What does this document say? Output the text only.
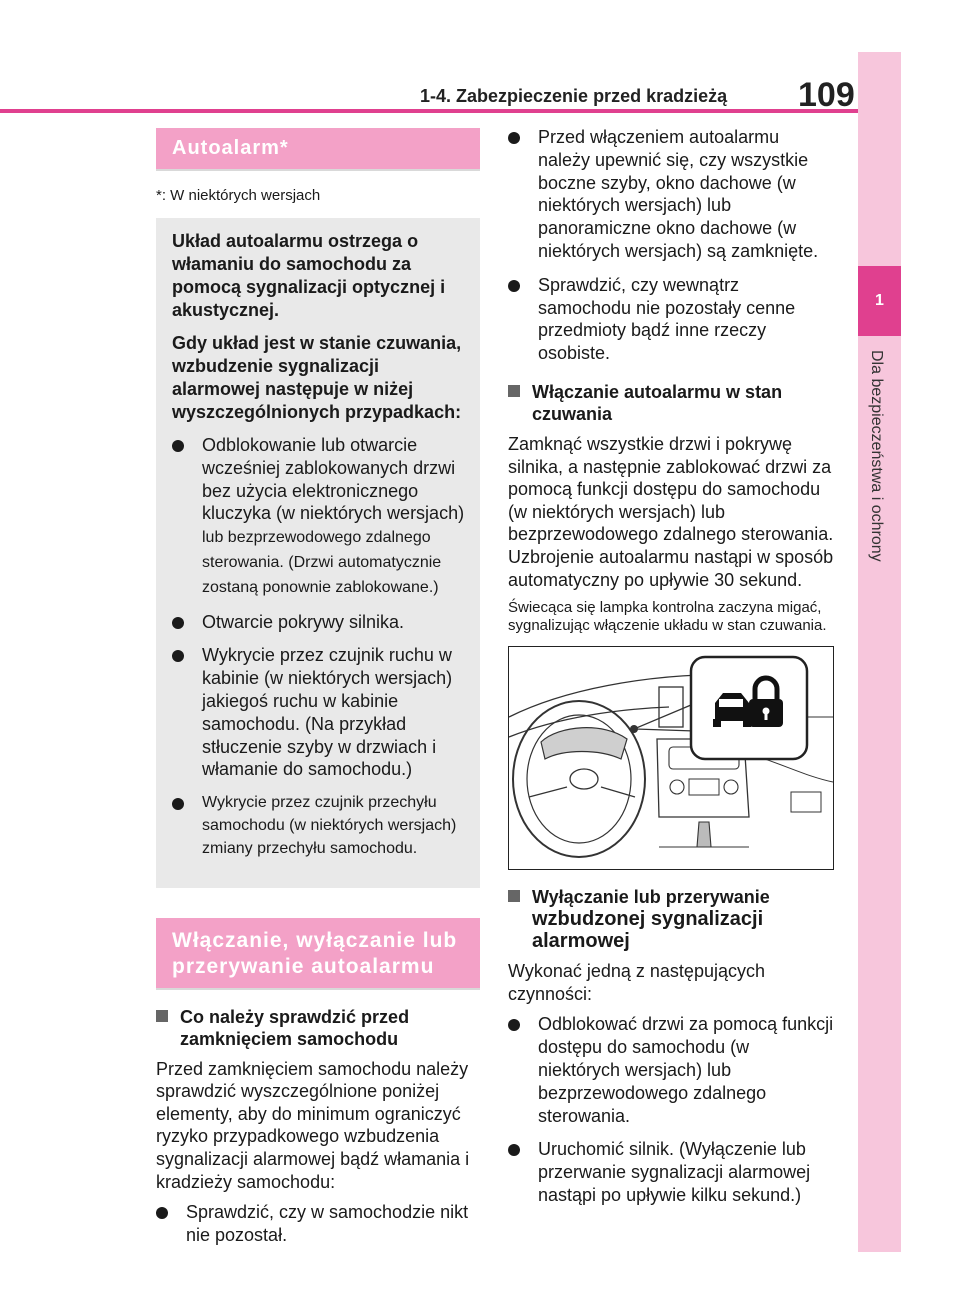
1-4. Zabezpieczenie przed kradzieżą 109
1
Dla bezpieczeństwa i ochrony
Autoalarm*

*: W niektórych wersjach

Układ autoalarmu ostrzega o włamaniu do samochodu za pomocą sygnalizacji optycznej i akustycznej.

Gdy układ jest w stanie czuwania, wzbudzenie sygnalizacji alarmowej następuje w niżej wyszczególnionych przypadkach:

Odblokowanie lub otwarcie wcześniej zablokowanych drzwi bez użycia elektronicznego kluczyka (w niektórych wersjach)
lub bezprzewodowego zdalnego sterowania. (Drzwi automatycznie zostaną ponownie zablokowane.)
Otwarcie pokrywy silnika.
Wykrycie przez czujnik ruchu w kabinie (w niektórych wersjach) jakiegoś ruchu w kabinie samochodu. (Na przykład stłuczenie szyby w drzwiach i włamanie do samochodu.)
Wykrycie przez czujnik przechyłu samochodu (w niektórych wersjach) zmiany przechyłu samochodu.
Włączanie, wyłączanie lub przerywanie autoalarmu
Co należy sprawdzić przed zamknięciem samochodu

Przed zamknięciem samochodu należy sprawdzić wyszczególnione poniżej elementy, aby do minimum ograniczyć ryzyko przypadkowego wzbudzenia sygnalizacji alarmowej bądź włamania i kradzieży samochodu:

Sprawdzić, czy w samochodzie nikt nie pozostał.
Przed włączeniem autoalarmu należy upewnić się, czy wszystkie boczne szyby, okno dachowe (w niektórych wersjach) lub panoramiczne okno dachowe (w niektórych wersjach) są zamknięte.
Sprawdzić, czy wewnątrz samochodu nie pozostały cenne przedmioty bądź inne rzeczy osobiste.
Włączanie autoalarmu w stan czuwania

Zamknąć wszystkie drzwi i pokrywę silnika, a następnie zablokować drzwi za pomocą funkcji dostępu do samochodu (w niektórych wersjach) lub bezprzewodowego zdalnego sterowania. Uzbrojenie autoalarmu nastąpi w sposób automatyczny po upływie 30 sekund.

Świecąca się lampka kontrolna zaczyna migać, sygnalizując włączenie układu w stan czuwania.

Wyłączanie lub przerywanie
wzbudzonej sygnalizacji alarmowej

Wykonać jedną z następujących czynności:

Odblokować drzwi za pomocą funkcji dostępu do samochodu (w niektórych wersjach) lub bezprzewodowego zdalnego sterowania.
Uruchomić silnik. (Wyłączenie lub przerwanie sygnalizacji alarmowej nastąpi po upływie kilku sekund.)
